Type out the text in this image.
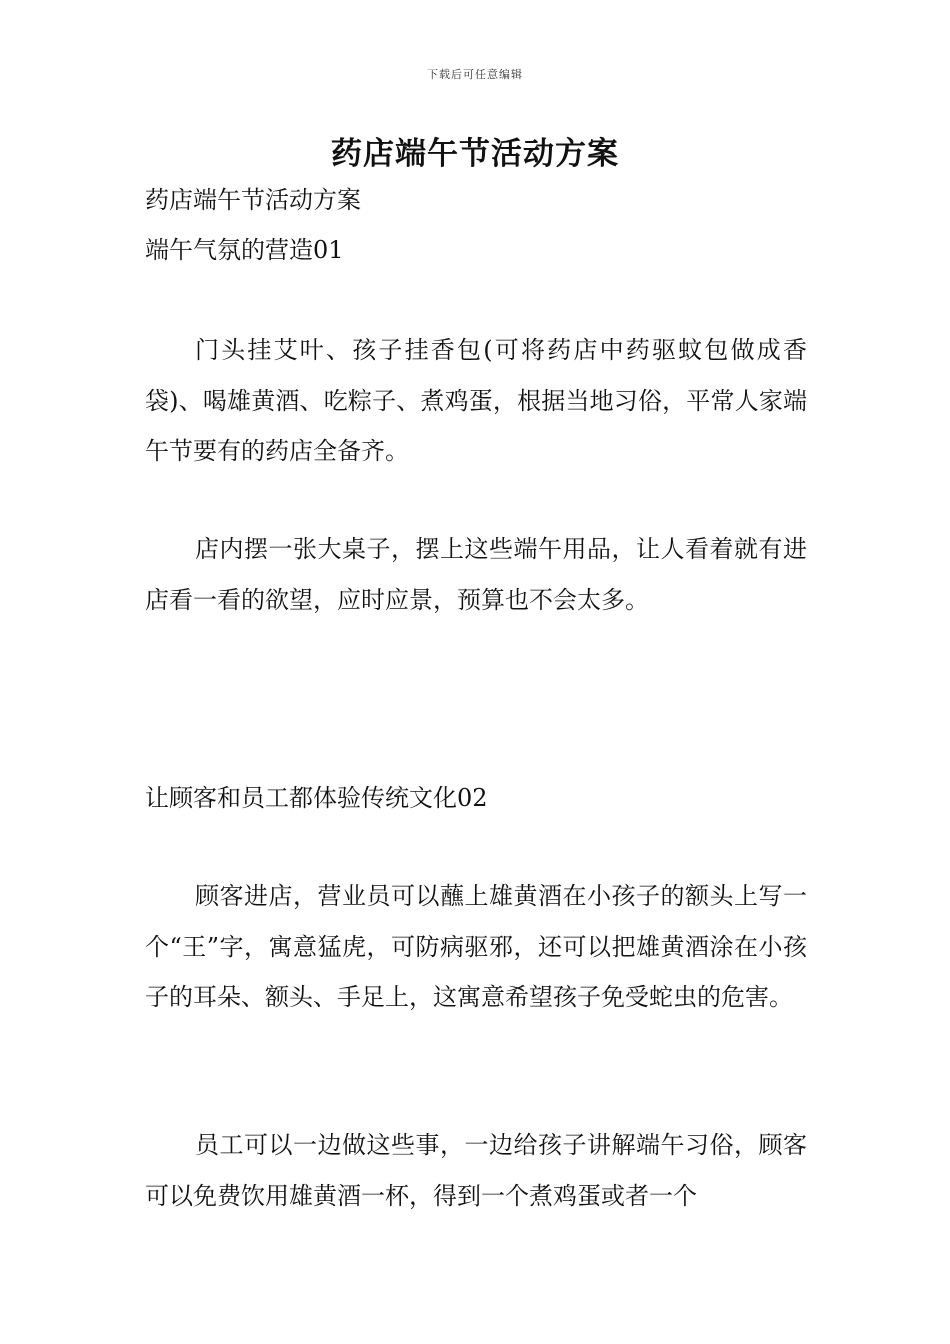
下载后可任意编辑
药店端午节活动方案
药店端午节活动方案
端午气氛的营造01
门头挂艾叶、孩子挂香包(可将药店中药驱蚊包做成香袋)、喝雄黄酒、吃粽子、煮鸡蛋，根据当地习俗，平常人家端午节要有的药店全备齐。
店内摆一张大桌子，摆上这些端午用品，让人看着就有进店看一看的欲望，应时应景，预算也不会太多。
让顾客和员工都体验传统文化02
顾客进店，营业员可以蘸上雄黄酒在小孩子的额头上写一个“王”字，寓意猛虎，可防病驱邪，还可以把雄黄酒涂在小孩子的耳朵、额头、手足上，这寓意希望孩子免受蛇虫的危害。
员工可以一边做这些事，一边给孩子讲解端午习俗，顾客可以免费饮用雄黄酒一杯，得到一个煮鸡蛋或者一个
